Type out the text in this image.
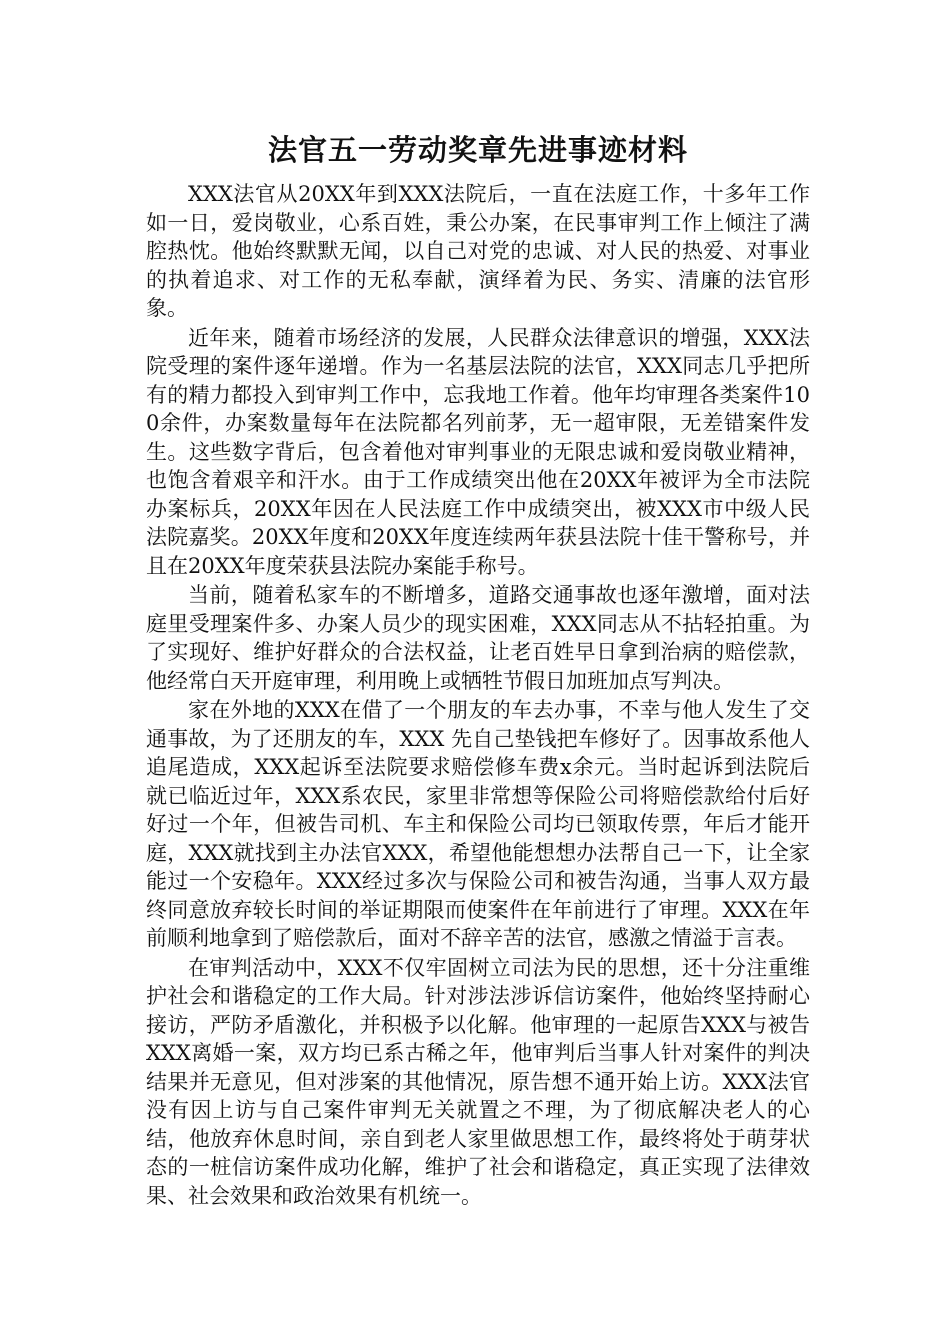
法官五一劳动奖章先进事迹材料

XXX法官从20XX年到XXX法院后，一直在法庭工作，十多年工作如一日，爱岗敬业，心系百姓，秉公办案，在民事审判工作上倾注了满腔热忱。他始终默默无闻，以自己对党的忠诚、对人民的热爱、对事业的执着追求、对工作的无私奉献，演绎着为民、务实、清廉的法官形象。

近年来，随着市场经济的发展，人民群众法律意识的增强，XXX法院受理的案件逐年递增。作为一名基层法院的法官，XXX同志几乎把所有的精力都投入到审判工作中，忘我地工作着。他年均审理各类案件100余件，办案数量每年在法院都名列前茅，无一超审限，无差错案件发生。这些数字背后，包含着他对审判事业的无限忠诚和爱岗敬业精神，也饱含着艰辛和汗水。由于工作成绩突出他在20XX年被评为全市法院办案标兵，20XX年因在人民法庭工作中成绩突出，被XXX市中级人民法院嘉奖。20XX年度和20XX年度连续两年获县法院十佳干警称号，并且在20XX年度荣获县法院办案能手称号。

当前，随着私家车的不断增多，道路交通事故也逐年激增，面对法庭里受理案件多、办案人员少的现实困难，XXX同志从不拈轻拍重。为了实现好、维护好群众的合法权益，让老百姓早日拿到治病的赔偿款，他经常白天开庭审理，利用晚上或牺牲节假日加班加点写判决。

家在外地的XXX在借了一个朋友的车去办事，不幸与他人发生了交通事故，为了还朋友的车，XXX 先自己垫钱把车修好了。因事故系他人追尾造成，XXX起诉至法院要求赔偿修车费x余元。当时起诉到法院后就已临近过年，XXX系农民，家里非常想等保险公司将赔偿款给付后好好过一个年，但被告司机、车主和保险公司均已领取传票，年后才能开庭，XXX就找到主办法官XXX，希望他能想想办法帮自己一下，让全家能过一个安稳年。XXX经过多次与保险公司和被告沟通，当事人双方最终同意放弃较长时间的举证期限而使案件在年前进行了审理。XXX在年前顺利地拿到了赔偿款后，面对不辞辛苦的法官，感激之情溢于言表。

在审判活动中，XXX不仅牢固树立司法为民的思想，还十分注重维护社会和谐稳定的工作大局。针对涉法涉诉信访案件，他始终坚持耐心接访，严防矛盾激化，并积极予以化解。他审理的一起原告XXX与被告XXX离婚一案，双方均已系古稀之年，他审判后当事人针对案件的判决结果并无意见，但对涉案的其他情况，原告想不通开始上访。XXX法官没有因上访与自己案件审判无关就置之不理，为了彻底解决老人的心结，他放弃休息时间，亲自到老人家里做思想工作，最终将处于萌芽状态的一桩信访案件成功化解，维护了社会和谐稳定，真正实现了法律效果、社会效果和政治效果有机统一。
